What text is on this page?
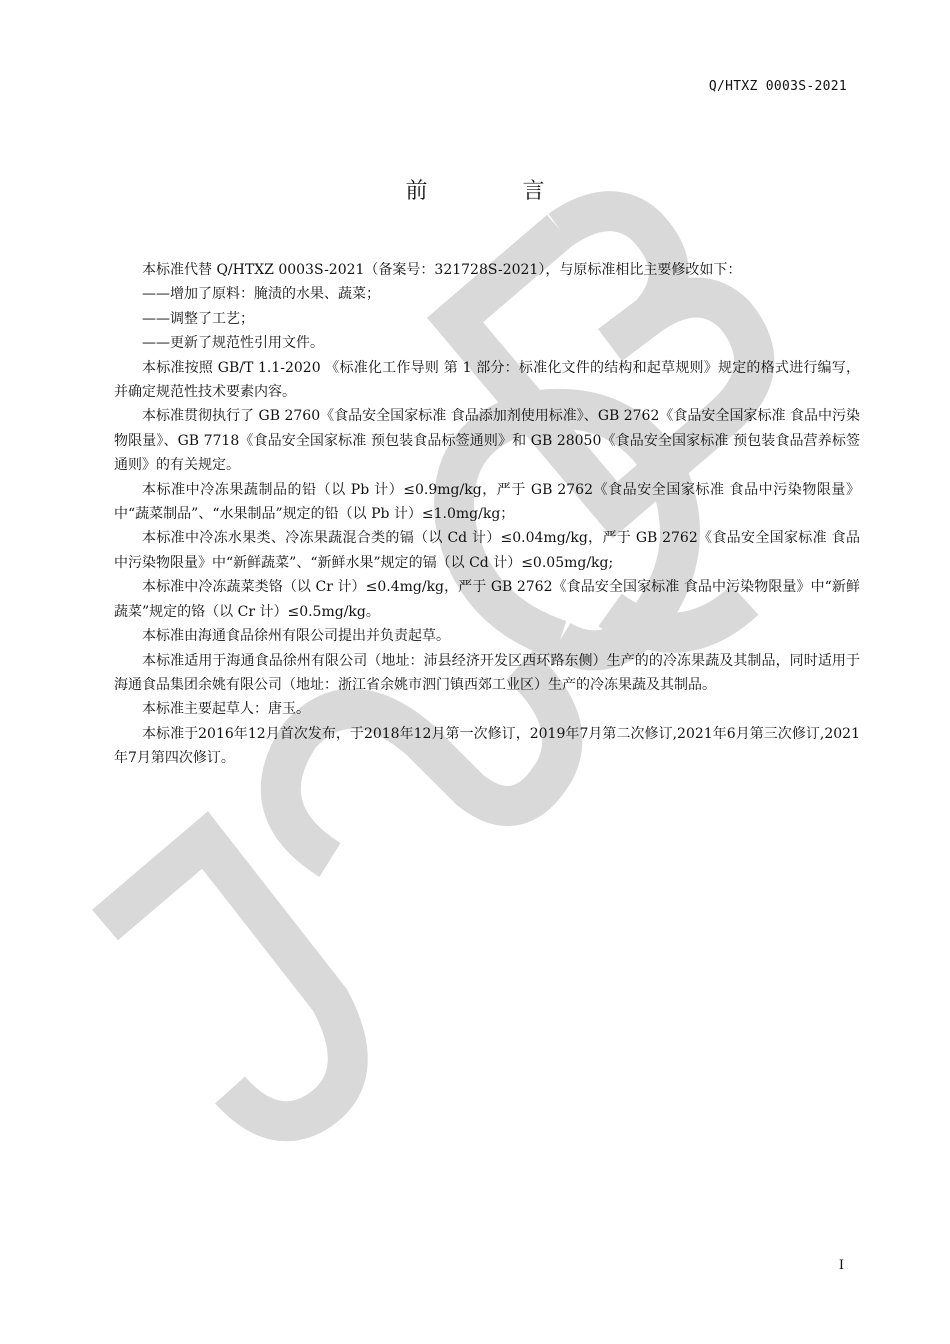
Q/HTXZ 0003S-2021
前 言

本标准代替 Q/HTXZ 0003S-2021（备案号：321728S-2021），与原标准相比主要修改如下：

——增加了原料：腌渍的水果、蔬菜；

——调整了工艺；

——更新了规范性引用文件。

本标准按照 GB/T 1.1-2020 《标准化工作导则 第 1 部分：标准化文件的结构和起草规则》规定的格式进行编写，并确定规范性技术要素内容。

本标准贯彻执行了 GB 2760《食品安全国家标准 食品添加剂使用标准》、GB 2762《食品安全国家标准 食品中污染物限量》、GB 7718《食品安全国家标准 预包装食品标签通则》和 GB 28050《食品安全国家标准 预包装食品营养标签通则》的有关规定。

本标准中冷冻果蔬制品的铅（以 Pb 计）≤0.9mg/kg，严于 GB 2762《食品安全国家标准 食品中污染物限量》中“蔬菜制品”、“水果制品”规定的铅（以 Pb 计）≤1.0mg/kg；

本标准中冷冻水果类、冷冻果蔬混合类的镉（以 Cd 计）≤0.04mg/kg，严于 GB 2762《食品安全国家标准 食品中污染物限量》中“新鲜蔬菜”、“新鲜水果”规定的镉（以 Cd 计）≤0.05mg/kg;

本标准中冷冻蔬菜类铬（以 Cr 计）≤0.4mg/kg，严于 GB 2762《食品安全国家标准 食品中污染物限量》中“新鲜蔬菜”规定的铬（以 Cr 计）≤0.5mg/kg。

本标准由海通食品徐州有限公司提出并负责起草。

本标准适用于海通食品徐州有限公司（地址：沛县经济开发区西环路东侧）生产的的冷冻果蔬及其制品，同时适用于海通食品集团余姚有限公司（地址：浙江省余姚市泗门镇西郊工业区）生产的冷冻果蔬及其制品。

本标准主要起草人：唐玉。

本标准于2016年12月首次发布，于2018年12月第一次修订，2019年7月第二次修订,2021年6月第三次修订,2021年7月第四次修订。

I
